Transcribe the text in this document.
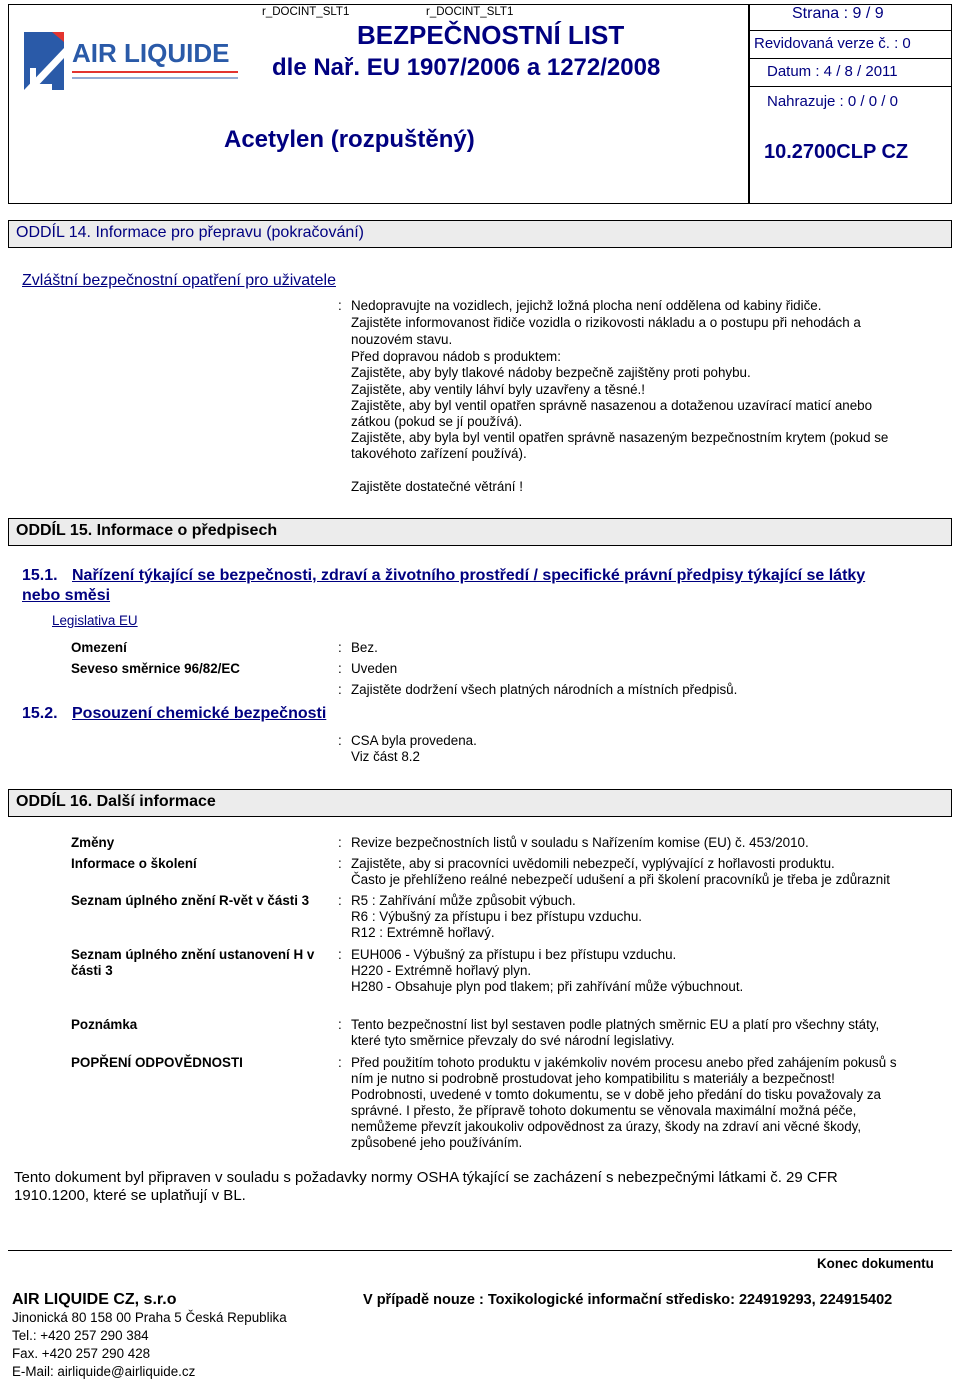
AIR LIQUIDE
r_DOCINT_SLT1	r_DOCINT_SLT1
BEZPEČNOSTNÍ LIST
dle Nař. EU 1907/2006 a 1272/2008
Acetylen (rozpuštěný)
Strana : 9 / 9
Revidovaná verze č. : 0
Datum : 4 / 8 / 2011
Nahrazuje : 0 / 0 / 0
10.2700CLP CZ
ODDÍL 14. Informace pro přepravu (pokračování)
Zvláštní bezpečnostní opatření pro uživatele
: Nedopravujte na vozidlech, jejichž ložná plocha není oddělena od kabiny řidiče.
Zajistěte informovanost řidiče vozidla o rizikovosti nákladu a o postupu při nehodách a
nouzovém stavu.
Před dopravou nádob s produktem:
Zajistěte, aby byly tlakové nádoby bezpečně zajištěny proti pohybu.
Zajistěte, aby ventily láhví byly uzavřeny a těsné.!
Zajistěte, aby byl ventil opatřen správně nasazenou a dotaženou uzavírací maticí anebo
zátkou (pokud se jí používá).
Zajistěte, aby byla byl ventil opatřen správně nasazeným bezpečnostním krytem (pokud se
takovéhoto zařízení používá).
Zajistěte dostatečné větrání !
ODDÍL 15. Informace o předpisech
15.1. Nařízení týkající se bezpečnosti, zdraví a životního prostředí / specifické právní předpisy týkající se látky
nebo směsi
Legislativa EU
Omezení	: Bez.
Seveso směrnice 96/82/EC	: Uveden
: Zajistěte dodržení všech platných národních a místních předpisů.
15.2. Posouzení chemické bezpečnosti
: CSA byla provedena.
Viz část 8.2
ODDÍL 16. Další informace
Změny	: Revize bezpečnostních listů v souladu s Nařízením komise (EU) č. 453/2010.
Informace o školení	: Zajistěte, aby si pracovníci uvědomili nebezpečí, vyplývající z hořlavosti produktu.
Často je přehlíženo reálné nebezpečí udušení a při školení pracovníků je třeba je zdůraznit
Seznam úplného znění R-vět v části 3 : R5 : Zahřívání může způsobit výbuch.
R6 : Výbušný za přístupu i bez přístupu vzduchu.
R12 : Extrémně hořlavý.
Seznam úplného znění ustanovení H v
části 3
: EUH006 - Výbušný za přístupu i bez přístupu vzduchu.
H220 - Extrémně hořlavý plyn.
H280 - Obsahuje plyn pod tlakem; při zahřívání může výbuchnout.
Poznámka	: Tento bezpečnostní list byl sestaven podle platných směrnic EU a platí pro všechny státy,
které tyto směrnice převzaly do své národní legislativy.
POPŘENÍ ODPOVĚDNOSTI	: Před použitím tohoto produktu v jakémkoliv novém procesu anebo před zahájením pokusů s
ním je nutno si podrobně prostudovat jeho kompatibilitu s materiály a bezpečnost!
Podrobnosti, uvedené v tomto dokumentu, se v době jeho předání do tisku považovaly za
správné. I přesto, že přípravě tohoto dokumentu se věnovala maximální možná péče,
nemůžeme převzít jakoukoliv odpovědnost za úrazy, škody na zdraví ani věcné škody,
způsobené jeho používáním.
Tento dokument byl připraven v souladu s požadavky normy OSHA týkající se zacházení s nebezpečnými látkami č. 29 CFR
1910.1200, které se uplatňují v BL.
Konec dokumentu
AIR LIQUIDE CZ, s.r.o	V případě nouze : Toxikologické informační středisko: 224919293, 224915402
Jinonická 80 158 00 Praha 5 Česká Republika
Tel.: +420 257 290 384
Fax. +420 257 290 428
E-Mail: airliquide@airliquide.cz
